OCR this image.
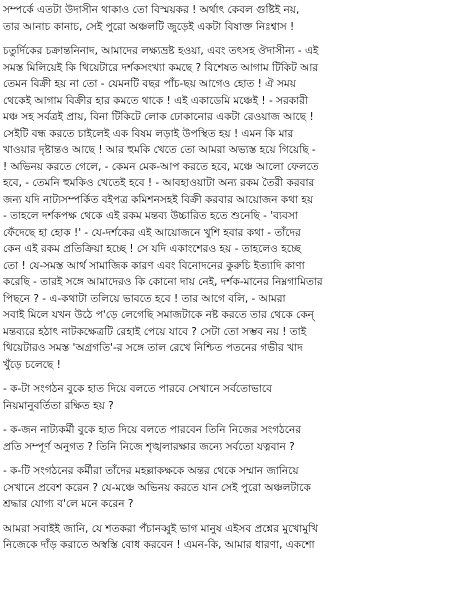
সম্পর্কে এতটা উদাসীন থাকাও তো বিস্ময়কর ! অর্থাৎ কেবল গুষ্টিই নয়,
তার আনাচ কানাচ, সেই পুরো অঞ্চলটি জুড়েই একটা বিষাক্ত নিঃশ্বাস !
চতুর্দিকের চক্রান্তনিনাদ, আমাদের লক্ষ্যভ্রষ্ট হওয়া, এবং তৎসহ ঔদাসীন্য - এই
সমস্ত মিলিয়েই কি থিয়েটারে দর্শকসংখ্যা কমছে ? বিশেষত আগাম টিকিট আর
তেমন বিক্রী হয় না তো - যেমনটি বছর পাঁচ-ছয় আগেও হোত ! ঐ সময়
থেকেই আগাম বিক্রীর হার কমতে থাকে ! এই একাডেমি মঞ্চেই ! - সরকারী
মঞ্চ সহ সর্বত্রই প্রায়, বিনা টিকিটে লোক ঢোকানোর একটা রেওয়াজ আছে !
সেইটি বন্ধ করতে চাইলেই এক বিষম লড়াই উপস্থিত হয় ! এমন কি মার
খাওয়ার দৃষ্টান্তও আছে ! আর হুমকি খেতে তো আমরা অভ্যস্ত হয়ে গিয়েছি -
! অভিনয় করতে গেলে, - কেমন মেক-আপ করতে হবে, মঞ্চে আলো ফেলতে
হবে, - তেমনি হুমকিও খেতেই হবে ! - আবহাওয়াটা অন্য রকম তৈরী করবার
জন্য যদি নাট্যসম্পর্কিত বইপত্র কমিশনসহই বিক্রী করবার আয়োজন কথা হয়
- তাহলে দর্শকপক্ষ থেকে এই রকম মন্তব্য উচ্চারিত হতে শুনেছি - 'ব্যবসা
ফেঁদেছে হা হোক !' - যে-দর্শকের এই আয়োজনে খুশি হবার কথা - তাঁদের
কেন এই রকম প্রতিক্রিয়া হচ্ছে ! সে যদি একাংশেরও হয় - তাহলেও হচ্ছে
তো ! যে-সমস্ত আর্থ সামাজিক কারণ এবং বিনোদনের কুরুচি ইত্যাদি কাণা
করেছি - তারই সঙ্গে আমাদেরও কি কোনো দায় নেই, দর্শক-মানের নিম্নগামিতার
পিছনে ? - এ-কথাটা তলিয়ে ভাবতে হবে ! তার আগে বলি, - আমরা
সবাই মিলে যখন উঠে প'ড়ে লেগেছি সমাজটাকে নষ্ট করতে তার থেকে কেন্
মন্তব্যরে হঠাৎ নাটকক্ষেত্রটি রেহাই পেয়ে যাবে ? সেটা তো সম্ভব নয় ! তাই
থিয়েটারও সমস্ত 'অগ্রগতি'-র সঙ্গে তাল রেখে নিশ্চিত পতনের গভীর খাদ
খুঁড়ে চলেছে !
- ক-টা সংগঠন বুকে হাত দিয়ে বলতে পারবে সেখানে সর্বতোভাবে
নিয়মানুবর্তিতা রক্ষিত হয় ?
- ক-জন নাট্যকর্মী বুকে হাত দিয়ে বলতে পারবেন তিনি নিজের সংগঠনের
প্রতি সম্পূর্ণ অনুগত ? তিনি নিজে শৃঙ্খলারক্ষার জন্যে সর্বতো যত্নবান ?
- ক-টি সংগঠনের কর্মীরা তাঁদের মহল্লাকক্ষকে অন্তর থেকে সম্মান জানিয়ে
সেখানে প্রবেশ করেন ? যে-মঞ্চে অভিনয় করতে যান সেই পুরো অঞ্চলটাকে
শ্রদ্ধার যোগ্য ব'লে মনে করেন ?
আমরা সবাইই জানি, যে শতকরা পঁচানব্বুই ভাগ মানুষ এইসব প্রশ্নের মুখোমুখি
নিজেকে দাঁড় করাতে অস্বস্তি বোধ করবেন ! এমন-কি, আমার ধারণা, একশো
